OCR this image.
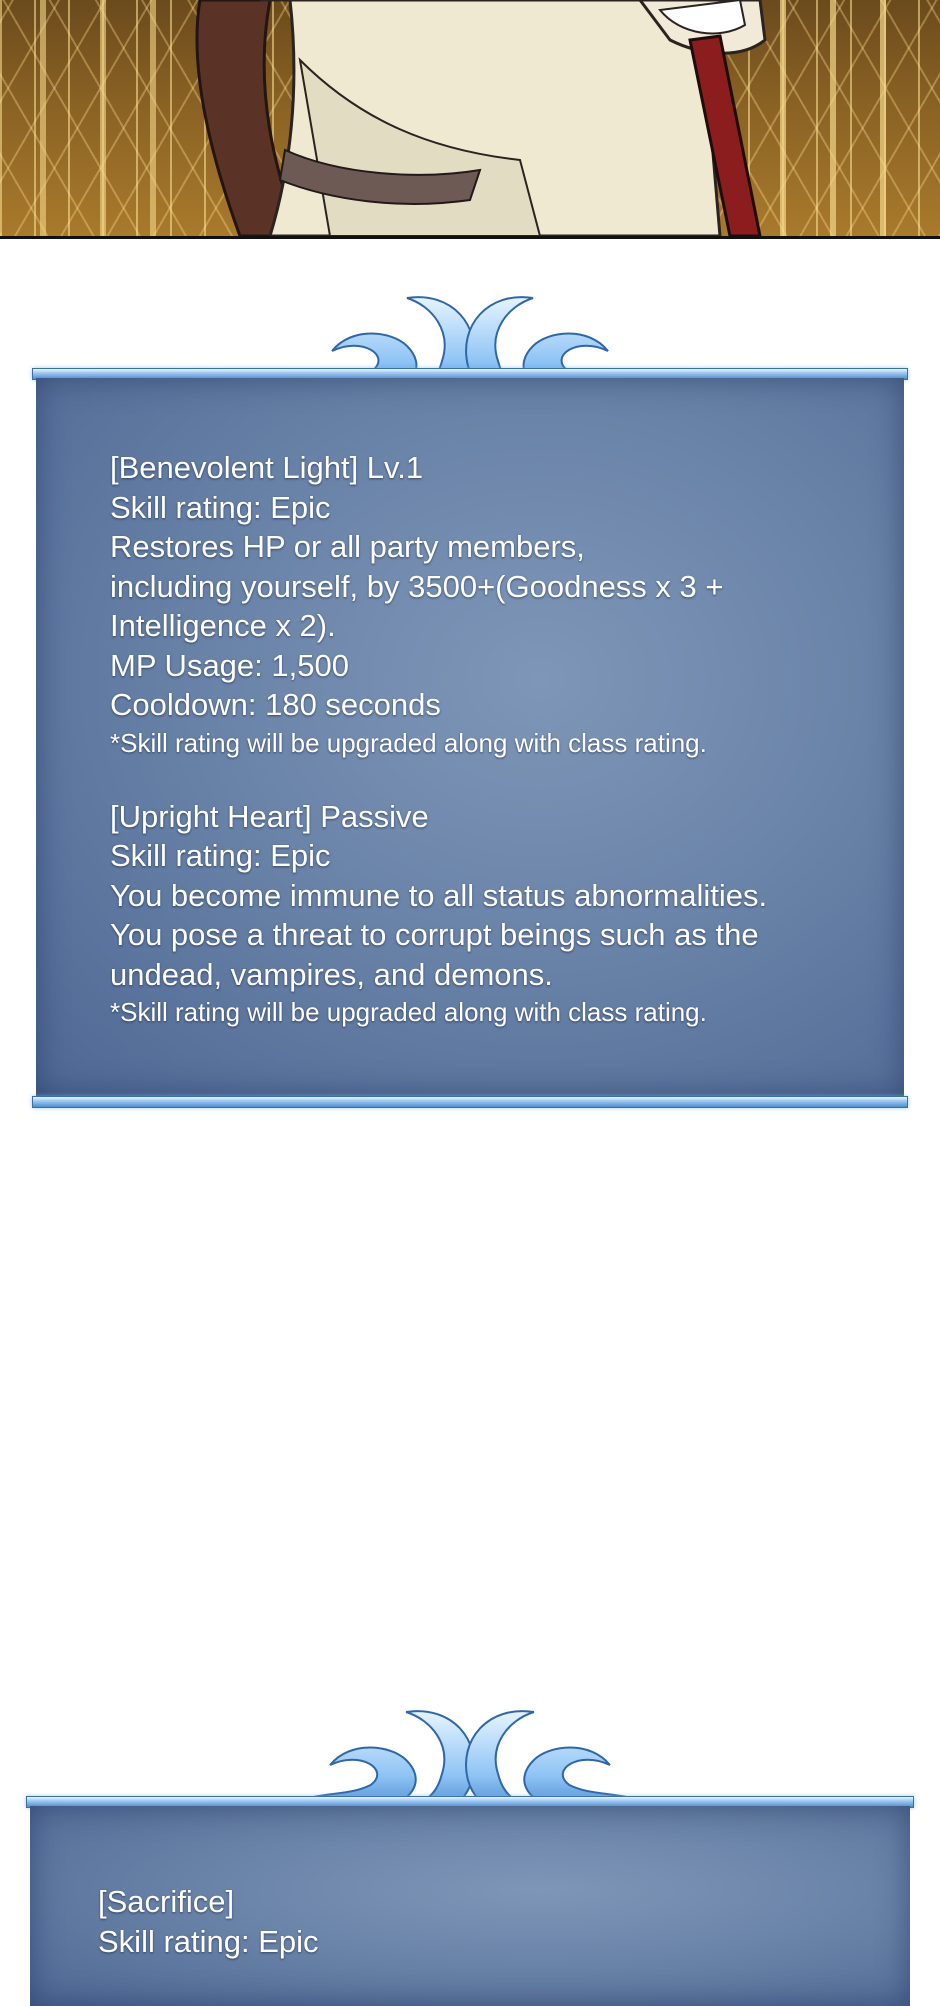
[Benevolent Light] Lv.1
Skill rating: Epic
Restores HP or all party members,
including yourself, by 3500+(Goodness x 3 +
Intelligence x 2).
MP Usage: 1,500
Cooldown: 180 seconds
*Skill rating will be upgraded along with class rating.
[Upright Heart] Passive
Skill rating: Epic
You become immune to all status abnormalities.
You pose a threat to corrupt beings such as the
undead, vampires, and demons.
*Skill rating will be upgraded along with class rating.
[Sacrifice]
Skill rating: Epic
